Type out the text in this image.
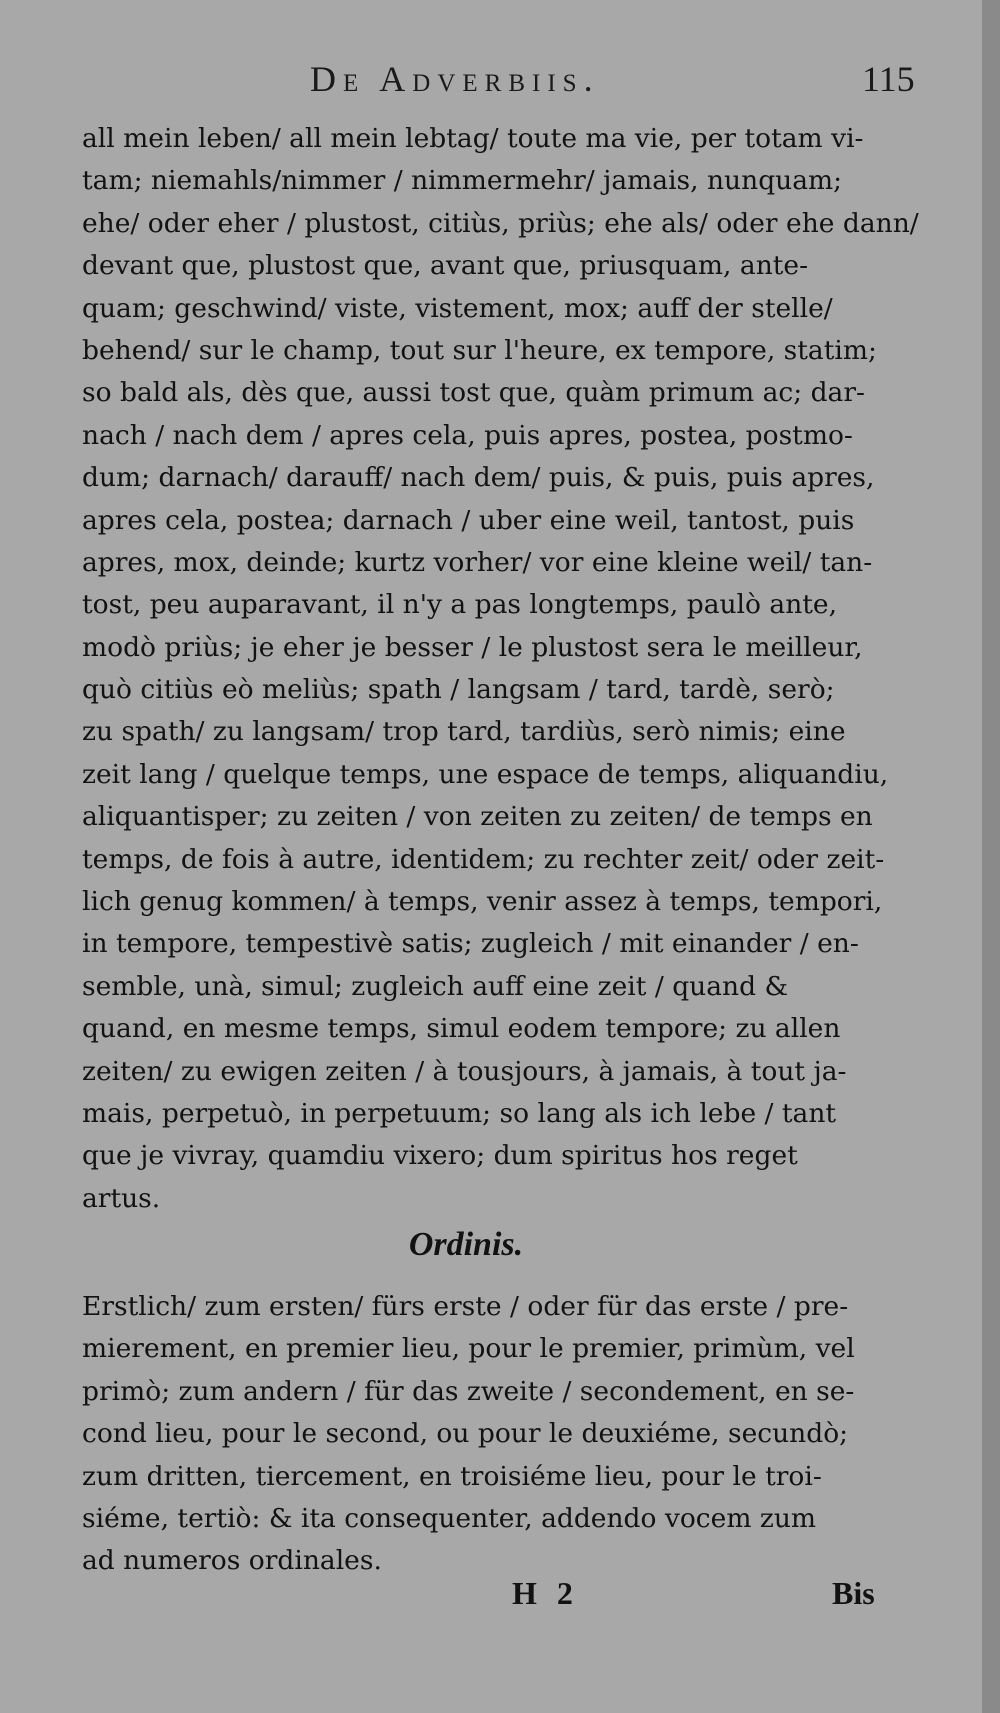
De Adverbiis.	115
all mein leben/ all mein lebtag/ toute ma vie, per totam vi-
tam; niemahls/nimmer / nimmermehr/ jamais, nunquam;
ehe/ oder eher / plustost, citiùs, priùs; ehe als/ oder ehe dann/
devant que, plustost que, avant que, priusquam, ante-
quam; geschwind/ viste, vistement, mox; auff der stelle/
behend/ sur le champ, tout sur l'heure, ex tempore, statim;
so bald als, dès que, aussi tost que, quàm primum ac; dar-
nach / nach dem / apres cela, puis apres, postea, postmo-
dum; darnach/ darauff/ nach dem/ puis, & puis, puis apres,
apres cela, postea; darnach / uber eine weil, tantost, puis
apres, mox, deinde; kurtz vorher/ vor eine kleine weil/ tan-
tost, peu auparavant, il n'y a pas longtemps, paulò ante,
modò priùs; je eher je besser / le plustost sera le meilleur,
quò citiùs eò meliùs; spath / langsam / tard, tardè, serò;
zu spath/ zu langsam/ trop tard, tardiùs, serò nimis; eine
zeit lang / quelque temps, une espace de temps, aliquandiu,
aliquantisper; zu zeiten / von zeiten zu zeiten/ de temps en
temps, de fois à autre, identidem; zu rechter zeit/ oder zeit-
lich genug kommen/ à temps, venir assez à temps, tempori,
in tempore, tempestivè satis; zugleich / mit einander / en-
semble, unà, simul; zugleich auff eine zeit / quand &
quand, en mesme temps, simul eodem tempore; zu allen
zeiten/ zu ewigen zeiten / à tousjours, à jamais, à tout ja-
mais, perpetuò, in perpetuum; so lang als ich lebe / tant
que je vivray, quamdiu vixero; dum spiritus hos reget
artus.
Ordinis.
Erstlich/ zum ersten/ fürs erste / oder für das erste / pre-
mierement, en premier lieu, pour le premier, primùm, vel
primò; zum andern / für das zweite / secondement, en se-
cond lieu, pour le second, ou pour le deuxiéme, secundò;
zum dritten, tiercement, en troisiéme lieu, pour le troi-
siéme, tertiò: & ita consequenter, addendo vocem zum
ad numeros ordinales.
H 2	Bis
